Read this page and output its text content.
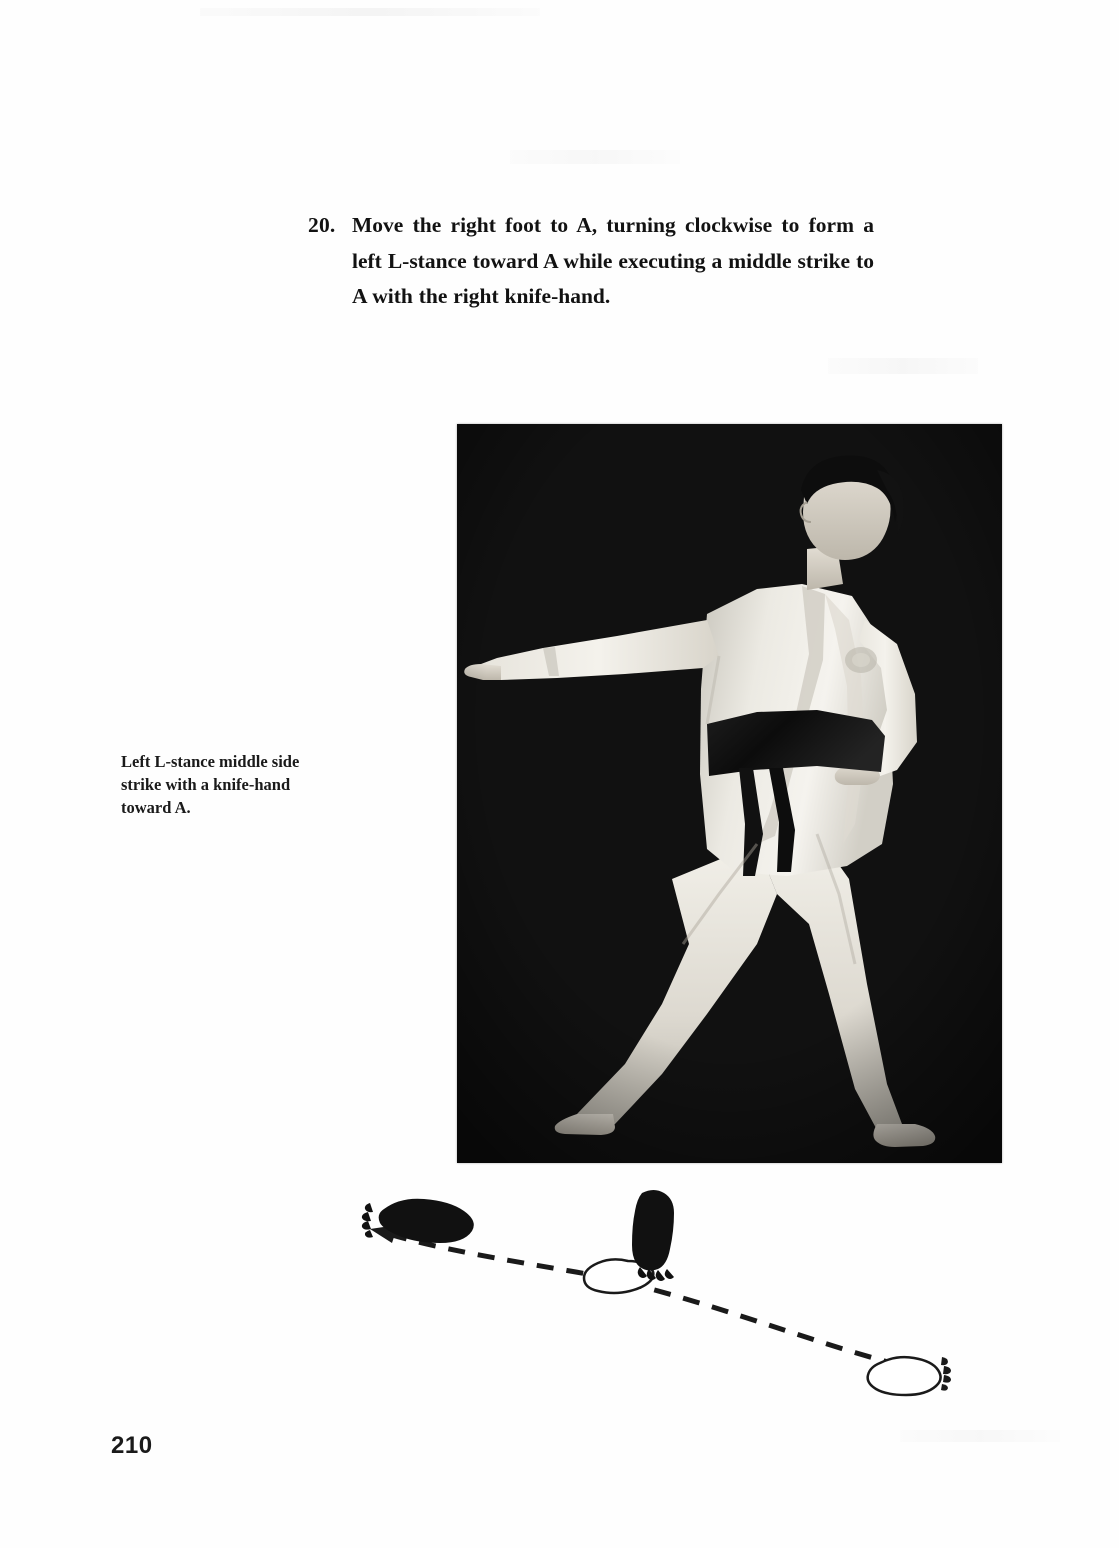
20. Move the right foot to A, turning clockwise to form a left L-stance toward A while executing a middle strike to A with the right knife-hand.
Left L-stance middle side
strike with a knife-hand
toward A.
210
